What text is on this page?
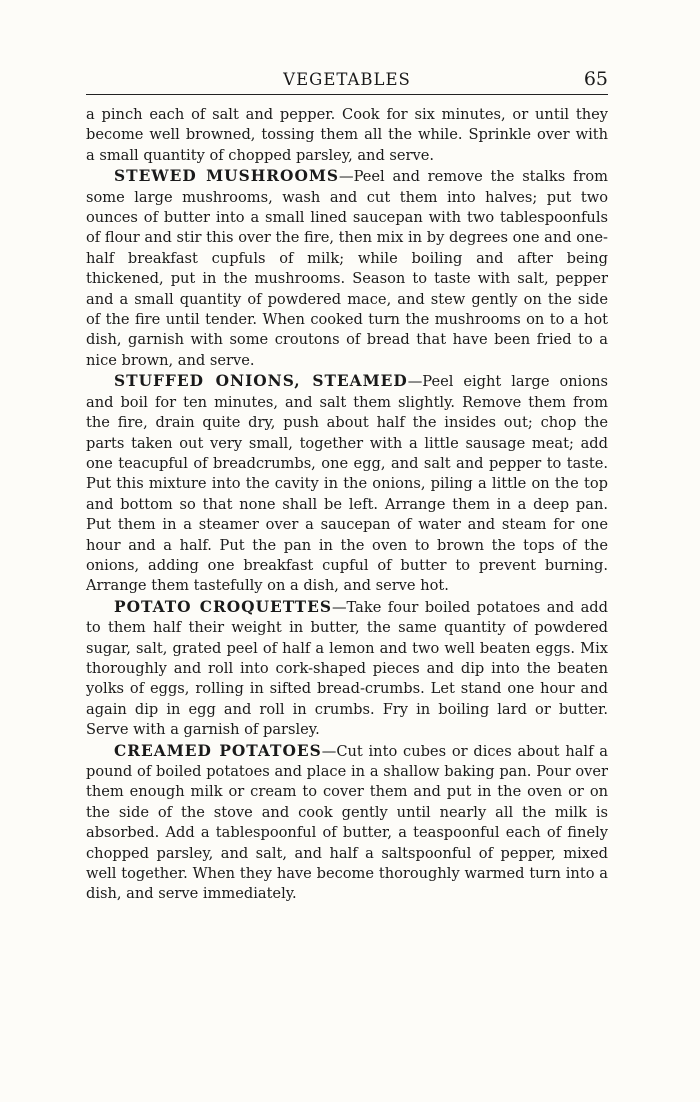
VEGETABLES	65

a pinch each of salt and pepper. Cook for six minutes, or until they become well browned, tossing them all the while. Sprinkle over with a small quantity of chopped parsley, and serve.

STEWED MUSHROOMS—Peel and remove the stalks from some large mushrooms, wash and cut them into halves; put two ounces of butter into a small lined saucepan with two tablespoonfuls of flour and stir this over the fire, then mix in by degrees one and one-half breakfast cupfuls of milk; while boiling and after being thickened, put in the mushrooms. Season to taste with salt, pepper and a small quantity of powdered mace, and stew gently on the side of the fire until tender. When cooked turn the mushrooms on to a hot dish, garnish with some croutons of bread that have been fried to a nice brown, and serve.

STUFFED ONIONS, STEAMED—Peel eight large onions and boil for ten minutes, and salt them slightly. Remove them from the fire, drain quite dry, push about half the insides out; chop the parts taken out very small, together with a little sausage meat; add one teacupful of breadcrumbs, one egg, and salt and pepper to taste. Put this mixture into the cavity in the onions, piling a little on the top and bottom so that none shall be left. Arrange them in a deep pan. Put them in a steamer over a saucepan of water and steam for one hour and a half. Put the pan in the oven to brown the tops of the onions, adding one breakfast cupful of butter to prevent burning. Arrange them tastefully on a dish, and serve hot.

POTATO CROQUETTES—Take four boiled potatoes and add to them half their weight in butter, the same quantity of powdered sugar, salt, grated peel of half a lemon and two well beaten eggs. Mix thoroughly and roll into cork-shaped pieces and dip into the beaten yolks of eggs, rolling in sifted bread-crumbs. Let stand one hour and again dip in egg and roll in crumbs. Fry in boiling lard or butter. Serve with a garnish of parsley.

CREAMED POTATOES—Cut into cubes or dices about half a pound of boiled potatoes and place in a shallow baking pan. Pour over them enough milk or cream to cover them and put in the oven or on the side of the stove and cook gently until nearly all the milk is absorbed. Add a tablespoonful of butter, a teaspoonful each of finely chopped parsley, and salt, and half a saltspoonful of pepper, mixed well together. When they have become thoroughly warmed turn into a dish, and serve immediately.
